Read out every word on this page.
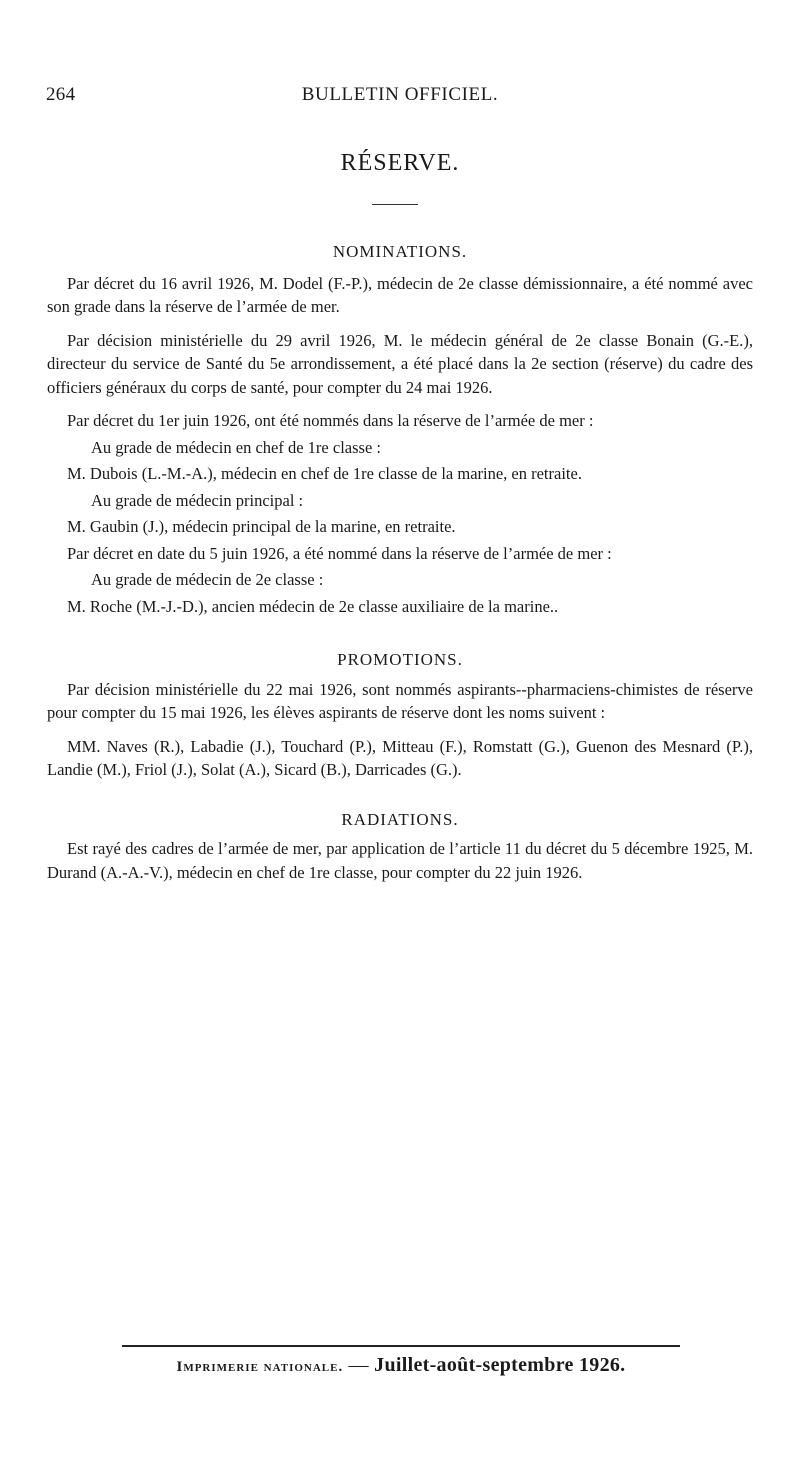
264	BULLETIN OFFICIEL.
RÉSERVE.

NOMINATIONS.

Par décret du 16 avril 1926, M. Dodel (F.-P.), médecin de 2e classe démissionnaire, a été nommé avec son grade dans la réserve de l’armée de mer.

Par décision ministérielle du 29 avril 1926, M. le médecin général de 2e classe Bonain (G.-E.), directeur du service de Santé du 5e arrondissement, a été placé dans la 2e section (réserve) du cadre des officiers généraux du corps de santé, pour compter du 24 mai 1926.

Par décret du 1er juin 1926, ont été nommés dans la réserve de l’armée de mer :

Au grade de médecin en chef de 1re classe :

M. Dubois (L.-M.-A.), médecin en chef de 1re classe de la marine, en retraite.

Au grade de médecin principal :

M. Gaubin (J.), médecin principal de la marine, en retraite.

Par décret en date du 5 juin 1926, a été nommé dans la réserve de l’armée de mer :

Au grade de médecin de 2e classe :

M. Roche (M.-J.-D.), ancien médecin de 2e classe auxiliaire de la marine..

PROMOTIONS.

Par décision ministérielle du 22 mai 1926, sont nommés aspirants--pharmaciens-chimistes de réserve pour compter du 15 mai 1926, les élèves aspirants de réserve dont les noms suivent :

MM. Naves (R.), Labadie (J.), Touchard (P.), Mitteau (F.), Romstatt (G.), Guenon des Mesnard (P.), Landie (M.), Friol (J.), Solat (A.), Sicard (B.), Darricades (G.).

RADIATIONS.

Est rayé des cadres de l’armée de mer, par application de l’article 11 du décret du 5 décembre 1925, M. Durand (A.-A.-V.), médecin en chef de 1re classe, pour compter du 22 juin 1926.

Imprimerie nationale. — Juillet-août-septembre 1926.
